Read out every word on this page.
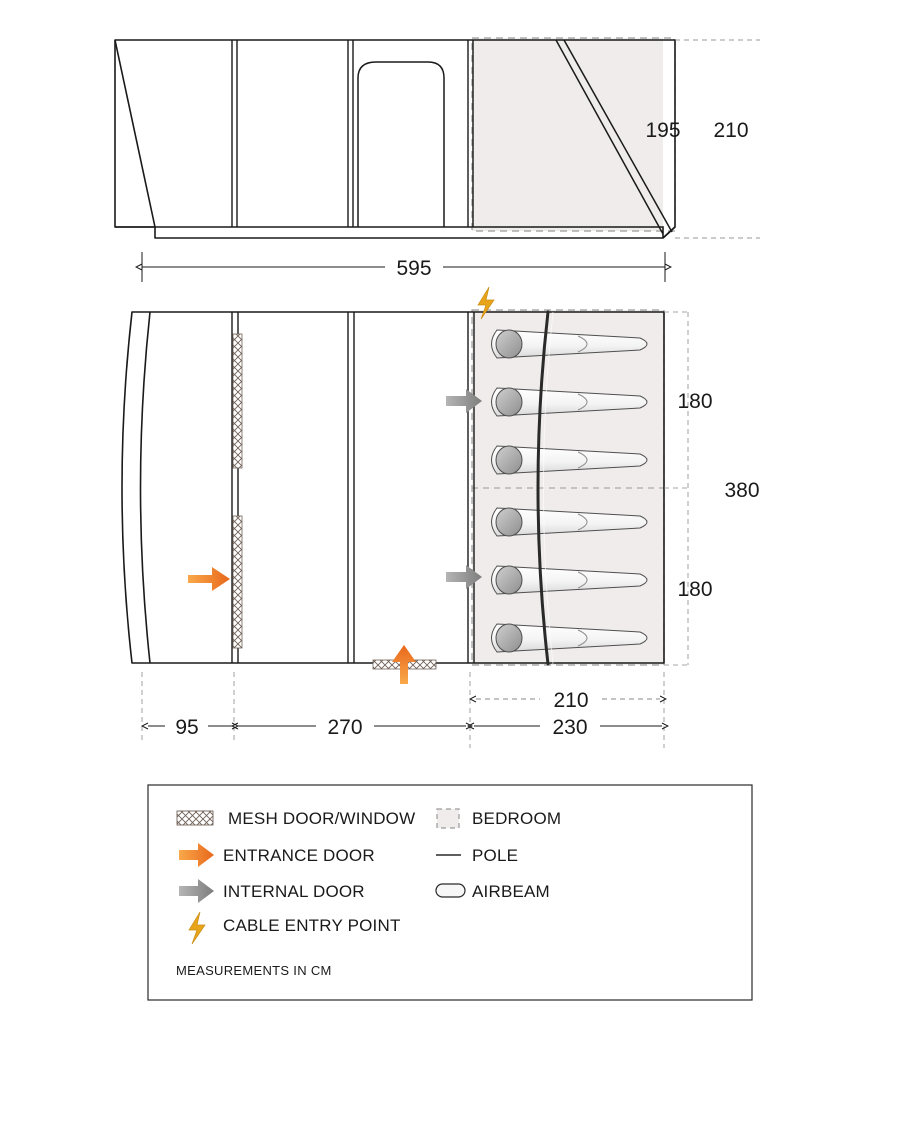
195 210
595
180
180
380
210
95	270	230
MESH DOOR/WINDOW
ENTRANCE DOOR
INTERNAL DOOR
CABLE ENTRY POINT
BEDROOM
POLE
AIRBEAM
MEASUREMENTS IN CM
